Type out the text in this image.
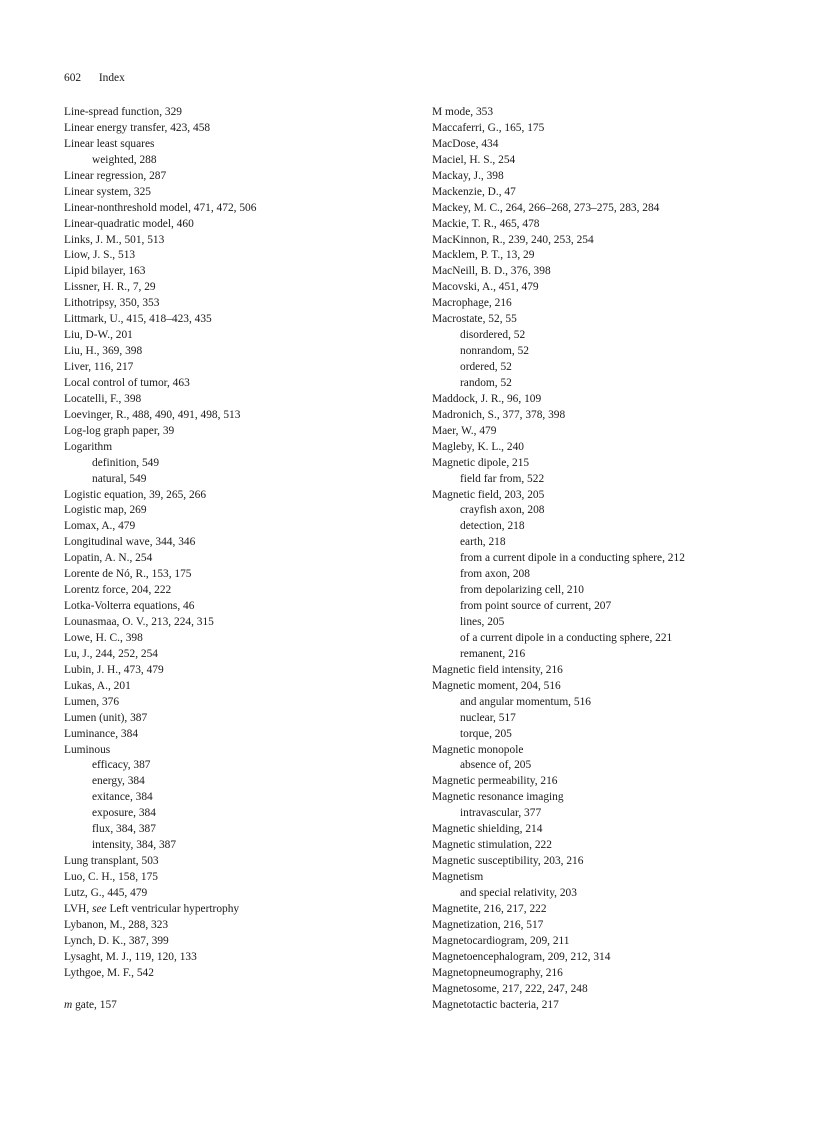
602 Index
Line-spread function, 329
Linear energy transfer, 423, 458
Linear least squares
weighted, 288
Linear regression, 287
Linear system, 325
Linear-nonthreshold model, 471, 472, 506
Linear-quadratic model, 460
Links, J. M., 501, 513
Liow, J. S., 513
Lipid bilayer, 163
Lissner, H. R., 7, 29
Lithotripsy, 350, 353
Littmark, U., 415, 418–423, 435
Liu, D-W., 201
Liu, H., 369, 398
Liver, 116, 217
Local control of tumor, 463
Locatelli, F., 398
Loevinger, R., 488, 490, 491, 498, 513
Log-log graph paper, 39
Logarithm
definition, 549
natural, 549
Logistic equation, 39, 265, 266
Logistic map, 269
Lomax, A., 479
Longitudinal wave, 344, 346
Lopatin, A. N., 254
Lorente de Nó, R., 153, 175
Lorentz force, 204, 222
Lotka-Volterra equations, 46
Lounasmaa, O. V., 213, 224, 315
Lowe, H. C., 398
Lu, J., 244, 252, 254
Lubin, J. H., 473, 479
Lukas, A., 201
Lumen, 376
Lumen (unit), 387
Luminance, 384
Luminous
efficacy, 387
energy, 384
exitance, 384
exposure, 384
flux, 384, 387
intensity, 384, 387
Lung transplant, 503
Luo, C. H., 158, 175
Lutz, G., 445, 479
LVH, see Left ventricular hypertrophy
Lybanon, M., 288, 323
Lynch, D. K., 387, 399
Lysaght, M. J., 119, 120, 133
Lythgoe, M. F., 542
m gate, 157
M mode, 353
Maccaferri, G., 165, 175
MacDose, 434
Maciel, H. S., 254
Mackay, J., 398
Mackenzie, D., 47
Mackey, M. C., 264, 266–268, 273–275, 283, 284
Mackie, T. R., 465, 478
MacKinnon, R., 239, 240, 253, 254
Macklem, P. T., 13, 29
MacNeill, B. D., 376, 398
Macovski, A., 451, 479
Macrophage, 216
Macrostate, 52, 55
disordered, 52
nonrandom, 52
ordered, 52
random, 52
Maddock, J. R., 96, 109
Madronich, S., 377, 378, 398
Maer, W., 479
Magleby, K. L., 240
Magnetic dipole, 215
field far from, 522
Magnetic field, 203, 205
crayfish axon, 208
detection, 218
earth, 218
from a current dipole in a conducting sphere, 212
from axon, 208
from depolarizing cell, 210
from point source of current, 207
lines, 205
of a current dipole in a conducting sphere, 221
remanent, 216
Magnetic field intensity, 216
Magnetic moment, 204, 516
and angular momentum, 516
nuclear, 517
torque, 205
Magnetic monopole
absence of, 205
Magnetic permeability, 216
Magnetic resonance imaging
intravascular, 377
Magnetic shielding, 214
Magnetic stimulation, 222
Magnetic susceptibility, 203, 216
Magnetism
and special relativity, 203
Magnetite, 216, 217, 222
Magnetization, 216, 517
Magnetocardiogram, 209, 211
Magnetoencephalogram, 209, 212, 314
Magnetopneumography, 216
Magnetosome, 217, 222, 247, 248
Magnetotactic bacteria, 217
